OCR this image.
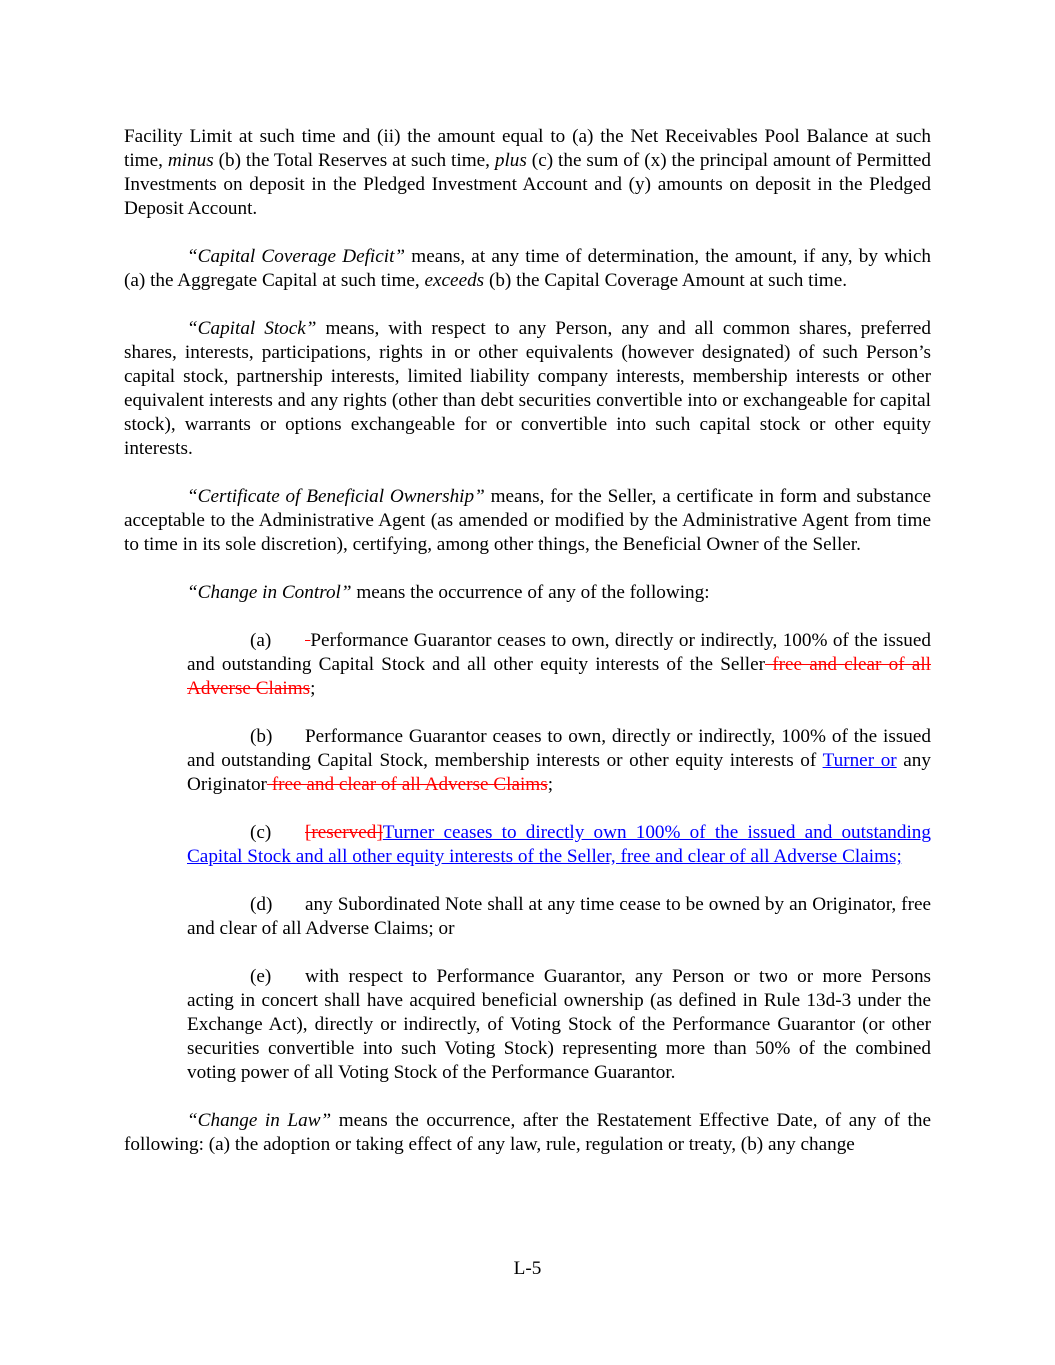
Facility Limit at such time and (ii) the amount equal to (a) the Net Receivables Pool Balance at such time, minus (b) the Total Reserves at such time, plus (c) the sum of (x) the principal amount of Permitted Investments on deposit in the Pledged Investment Account and (y) amounts on deposit in the Pledged Deposit Account.

“Capital Coverage Deficit” means, at any time of determination, the amount, if any, by which (a) the Aggregate Capital at such time, exceeds (b) the Capital Coverage Amount at such time.

“Capital Stock” means, with respect to any Person, any and all common shares, preferred shares, interests, participations, rights in or other equivalents (however designated) of such Person’s capital stock, partnership interests, limited liability company interests, membership interests or other equivalent interests and any rights (other than debt securities convertible into or exchangeable for capital stock), warrants or options exchangeable for or convertible into such capital stock or other equity interests.

“Certificate of Beneficial Ownership” means, for the Seller, a certificate in form and substance acceptable to the Administrative Agent (as amended or modified by the Administrative Agent from time to time in its sole discretion), certifying, among other things, the Beneficial Owner of the Seller.

“Change in Control” means the occurrence of any of the following:

(a) Performance Guarantor ceases to own, directly or indirectly, 100% of the issued and outstanding Capital Stock and all other equity interests of the Seller free and clear of all Adverse Claims;

(b) Performance Guarantor ceases to own, directly or indirectly, 100% of the issued and outstanding Capital Stock, membership interests or other equity interests of Turner or any Originator free and clear of all Adverse Claims;

(c) [reserved]Turner ceases to directly own 100% of the issued and outstanding Capital Stock and all other equity interests of the Seller, free and clear of all Adverse Claims;

(d) any Subordinated Note shall at any time cease to be owned by an Originator, free and clear of all Adverse Claims; or

(e) with respect to Performance Guarantor, any Person or two or more Persons acting in concert shall have acquired beneficial ownership (as defined in Rule 13d-3 under the Exchange Act), directly or indirectly, of Voting Stock of the Performance Guarantor (or other securities convertible into such Voting Stock) representing more than 50% of the combined voting power of all Voting Stock of the Performance Guarantor.

“Change in Law” means the occurrence, after the Restatement Effective Date, of any of the following: (a) the adoption or taking effect of any law, rule, regulation or treaty, (b) any change

L-5
